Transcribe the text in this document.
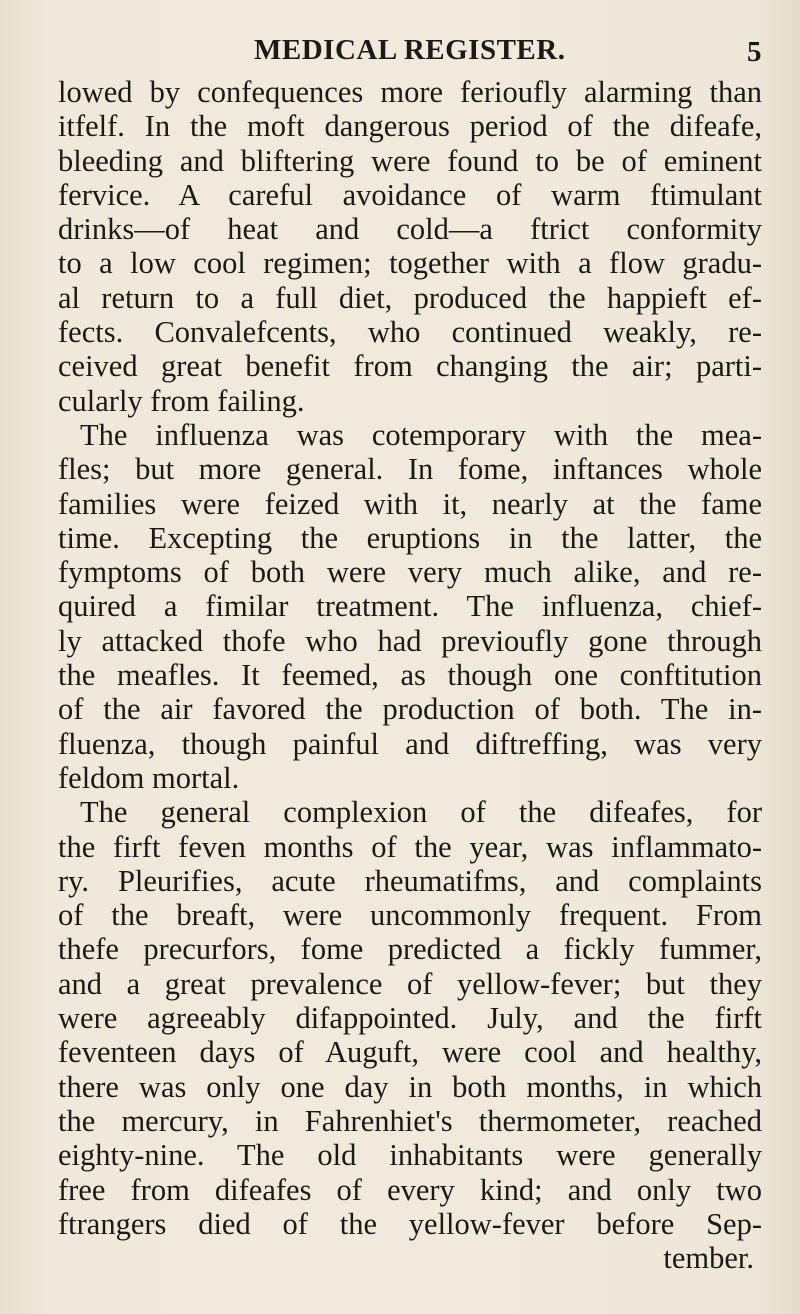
MEDICAL REGISTER.	5
lowed by confequences more ferioufly alarming than
itfelf. In the moft dangerous period of the difeafe,
bleeding and bliftering were found to be of eminent
fervice. A careful avoidance of warm ftimulant
drinks—of heat and cold—a ftrict conformity
to a low cool regimen; together with a flow gradu-
al return to a full diet, produced the happieft ef-
fects. Convalefcents, who continued weakly, re-
ceived great benefit from changing the air; parti-
cularly from failing.
The influenza was cotemporary with the mea-
fles; but more general. In fome, inftances whole
families were feized with it, nearly at the fame
time. Excepting the eruptions in the latter, the
fymptoms of both were very much alike, and re-
quired a fimilar treatment. The influenza, chief-
ly attacked thofe who had previoufly gone through
the meafles. It feemed, as though one conftitution
of the air favored the production of both. The in-
fluenza, though painful and diftreffing, was very
feldom mortal.
The general complexion of the difeafes, for
the firft feven months of the year, was inflammato-
ry. Pleurifies, acute rheumatifms, and complaints
of the breaft, were uncommonly frequent. From
thefe precurfors, fome predicted a fickly fummer,
and a great prevalence of yellow-fever; but they
were agreeably difappointed. July, and the firft
feventeen days of Auguft, were cool and healthy,
there was only one day in both months, in which
the mercury, in Fahrenhiet's thermometer, reached
eighty-nine. The old inhabitants were generally
free from difeafes of every kind; and only two
ftrangers died of the yellow-fever before Sep-
tember.
